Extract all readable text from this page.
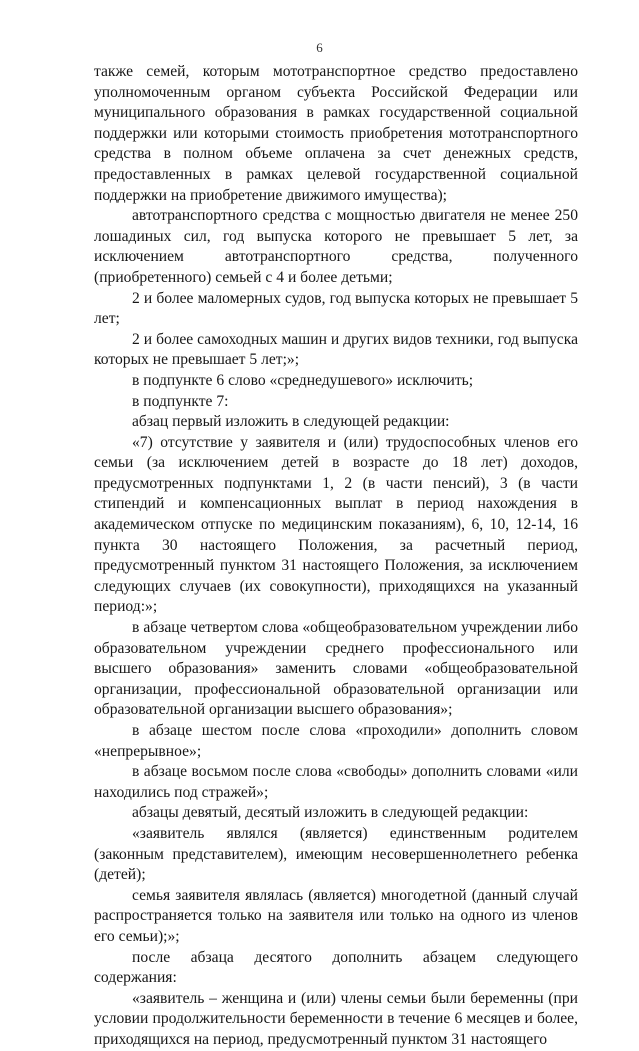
6

также семей, которым мототранспортное средство предоставлено уполномоченным органом субъекта Российской Федерации или муниципального образования в рамках государственной социальной поддержки или которыми стоимость приобретения мототранспортного средства в полном объеме оплачена за счет денежных средств, предоставленных в рамках целевой государственной социальной поддержки на приобретение движимого имущества);

автотранспортного средства с мощностью двигателя не менее 250 лошадиных сил, год выпуска которого не превышает 5 лет, за исключением автотранспортного средства, полученного (приобретенного) семьей с 4 и более детьми;

2 и более маломерных судов, год выпуска которых не превышает 5 лет;

2 и более самоходных машин и других видов техники, год выпуска которых не превышает 5 лет;»;

в подпункте 6 слово «среднедушевого» исключить;

в подпункте 7:

абзац первый изложить в следующей редакции:

«7) отсутствие у заявителя и (или) трудоспособных членов его семьи (за исключением детей в возрасте до 18 лет) доходов, предусмотренных подпунктами 1, 2 (в части пенсий), 3 (в части стипендий и компенсационных выплат в период нахождения в академическом отпуске по медицинским показаниям), 6, 10, 12-14, 16 пункта 30 настоящего Положения, за расчетный период, предусмотренный пунктом 31 настоящего Положения, за исключением следующих случаев (их совокупности), приходящихся на указанный период:»;

в абзаце четвертом слова «общеобразовательном учреждении либо образовательном учреждении среднего профессионального или высшего образования» заменить словами «общеобразовательной организации, профессиональной образовательной организации или образовательной организации высшего образования»;

в абзаце шестом после слова «проходили» дополнить словом «непрерывное»;

в абзаце восьмом после слова «свободы» дополнить словами «или находились под стражей»;

абзацы девятый, десятый изложить в следующей редакции:

«заявитель являлся (является) единственным родителем (законным представителем), имеющим несовершеннолетнего ребенка (детей);

семья заявителя являлась (является) многодетной (данный случай распространяется только на заявителя или только на одного из членов его семьи);»;

после абзаца десятого дополнить абзацем следующего содержания:

«заявитель – женщина и (или) члены семьи были беременны (при условии продолжительности беременности в течение 6 месяцев и более, приходящихся на период, предусмотренный пунктом 31 настоящего
